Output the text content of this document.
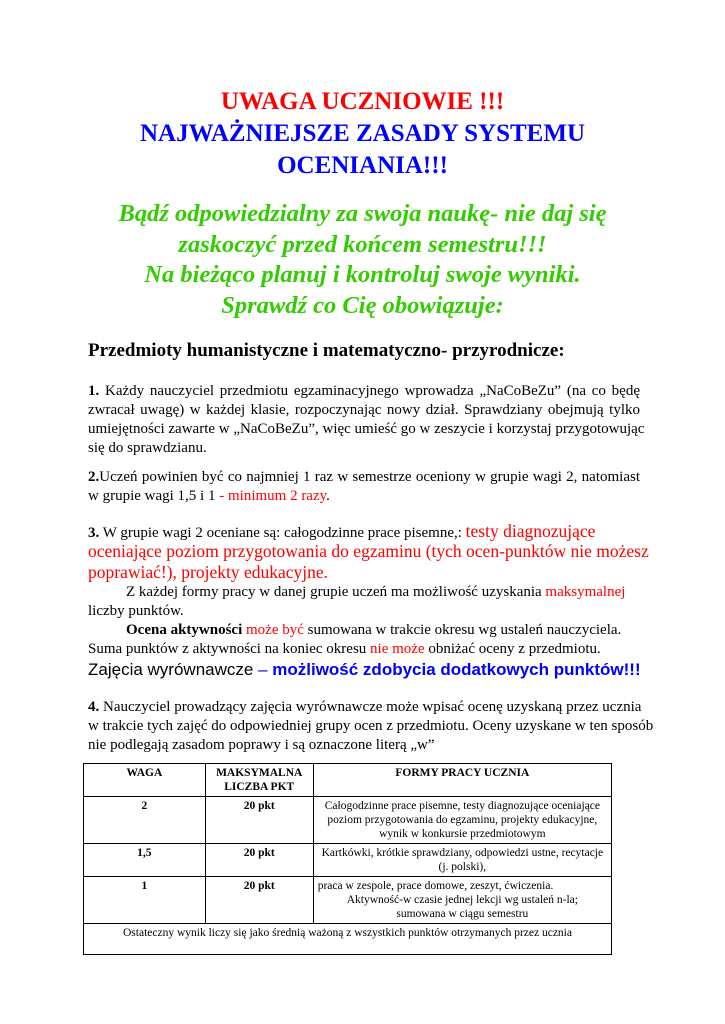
UWAGA UCZNIOWIE !!!
NAJWAŻNIEJSZE ZASADY SYSTEMU
OCENIANIA!!!
Bądź odpowiedzialny za swoja naukę- nie daj się
zaskoczyć przed końcem semestru!!!
Na bieżąco planuj i kontroluj swoje wyniki.
Sprawdź co Cię obowiązuje:
Przedmioty humanistyczne i matematyczno- przyrodnicze:
1. Każdy nauczyciel przedmiotu egzaminacyjnego wprowadza „NaCoBeZu” (na co będę
zwracał uwagę) w każdej klasie, rozpoczynając nowy dział. Sprawdziany obejmują tylko
umiejętności zawarte w „NaCoBeZu”, więc umieść go w zeszycie i korzystaj przygotowując
się do sprawdzianu.
2.Uczeń powinien być co najmniej 1 raz w semestrze oceniony w grupie wagi 2, natomiast
w grupie wagi 1,5 i 1 - minimum 2 razy.
3. W grupie wagi 2 oceniane są: całogodzinne prace pisemne,: testy diagnozujące
oceniające poziom przygotowania do egzaminu (tych ocen-punktów nie możesz
poprawiać!), projekty edukacyjne.
Z każdej formy pracy w danej grupie uczeń ma możliwość uzyskania maksymalnej
liczby punktów.
Ocena aktywności może być sumowana w trakcie okresu wg ustaleń nauczyciela.
Suma punktów z aktywności na koniec okresu nie może obniżać oceny z przedmiotu.
Zajęcia wyrównawcze – możliwość zdobycia dodatkowych punktów!!!
4. Nauczyciel prowadzący zajęcia wyrównawcze może wpisać ocenę uzyskaną przez ucznia
w trakcie tych zajęć do odpowiedniej grupy ocen z przedmiotu. Oceny uzyskane w ten sposób
nie podlegają zasadom poprawy i są oznaczone literą „w”
WAGA	MAKSYMALNA LICZBA PKT	FORMY PRACY UCZNIA
2	20 pkt	Całogodzinne prace pisemne, testy diagnozujące oceniające poziom przygotowania do egzaminu, projekty edukacyjne, wynik w konkursie przedmiotowym
1,5	20 pkt	Kartkówki, krótkie sprawdziany, odpowiedzi ustne, recytacje (j. polski),
1	20 pkt	praca w zespole, prace domowe, zeszyt, ćwiczenia.
Aktywność-w czasie jednej lekcji wg ustaleń n-la;
sumowana w ciągu semestru

Ostateczny wynik liczy się jako średnią ważoną z wszystkich punktów otrzymanych przez ucznia		
